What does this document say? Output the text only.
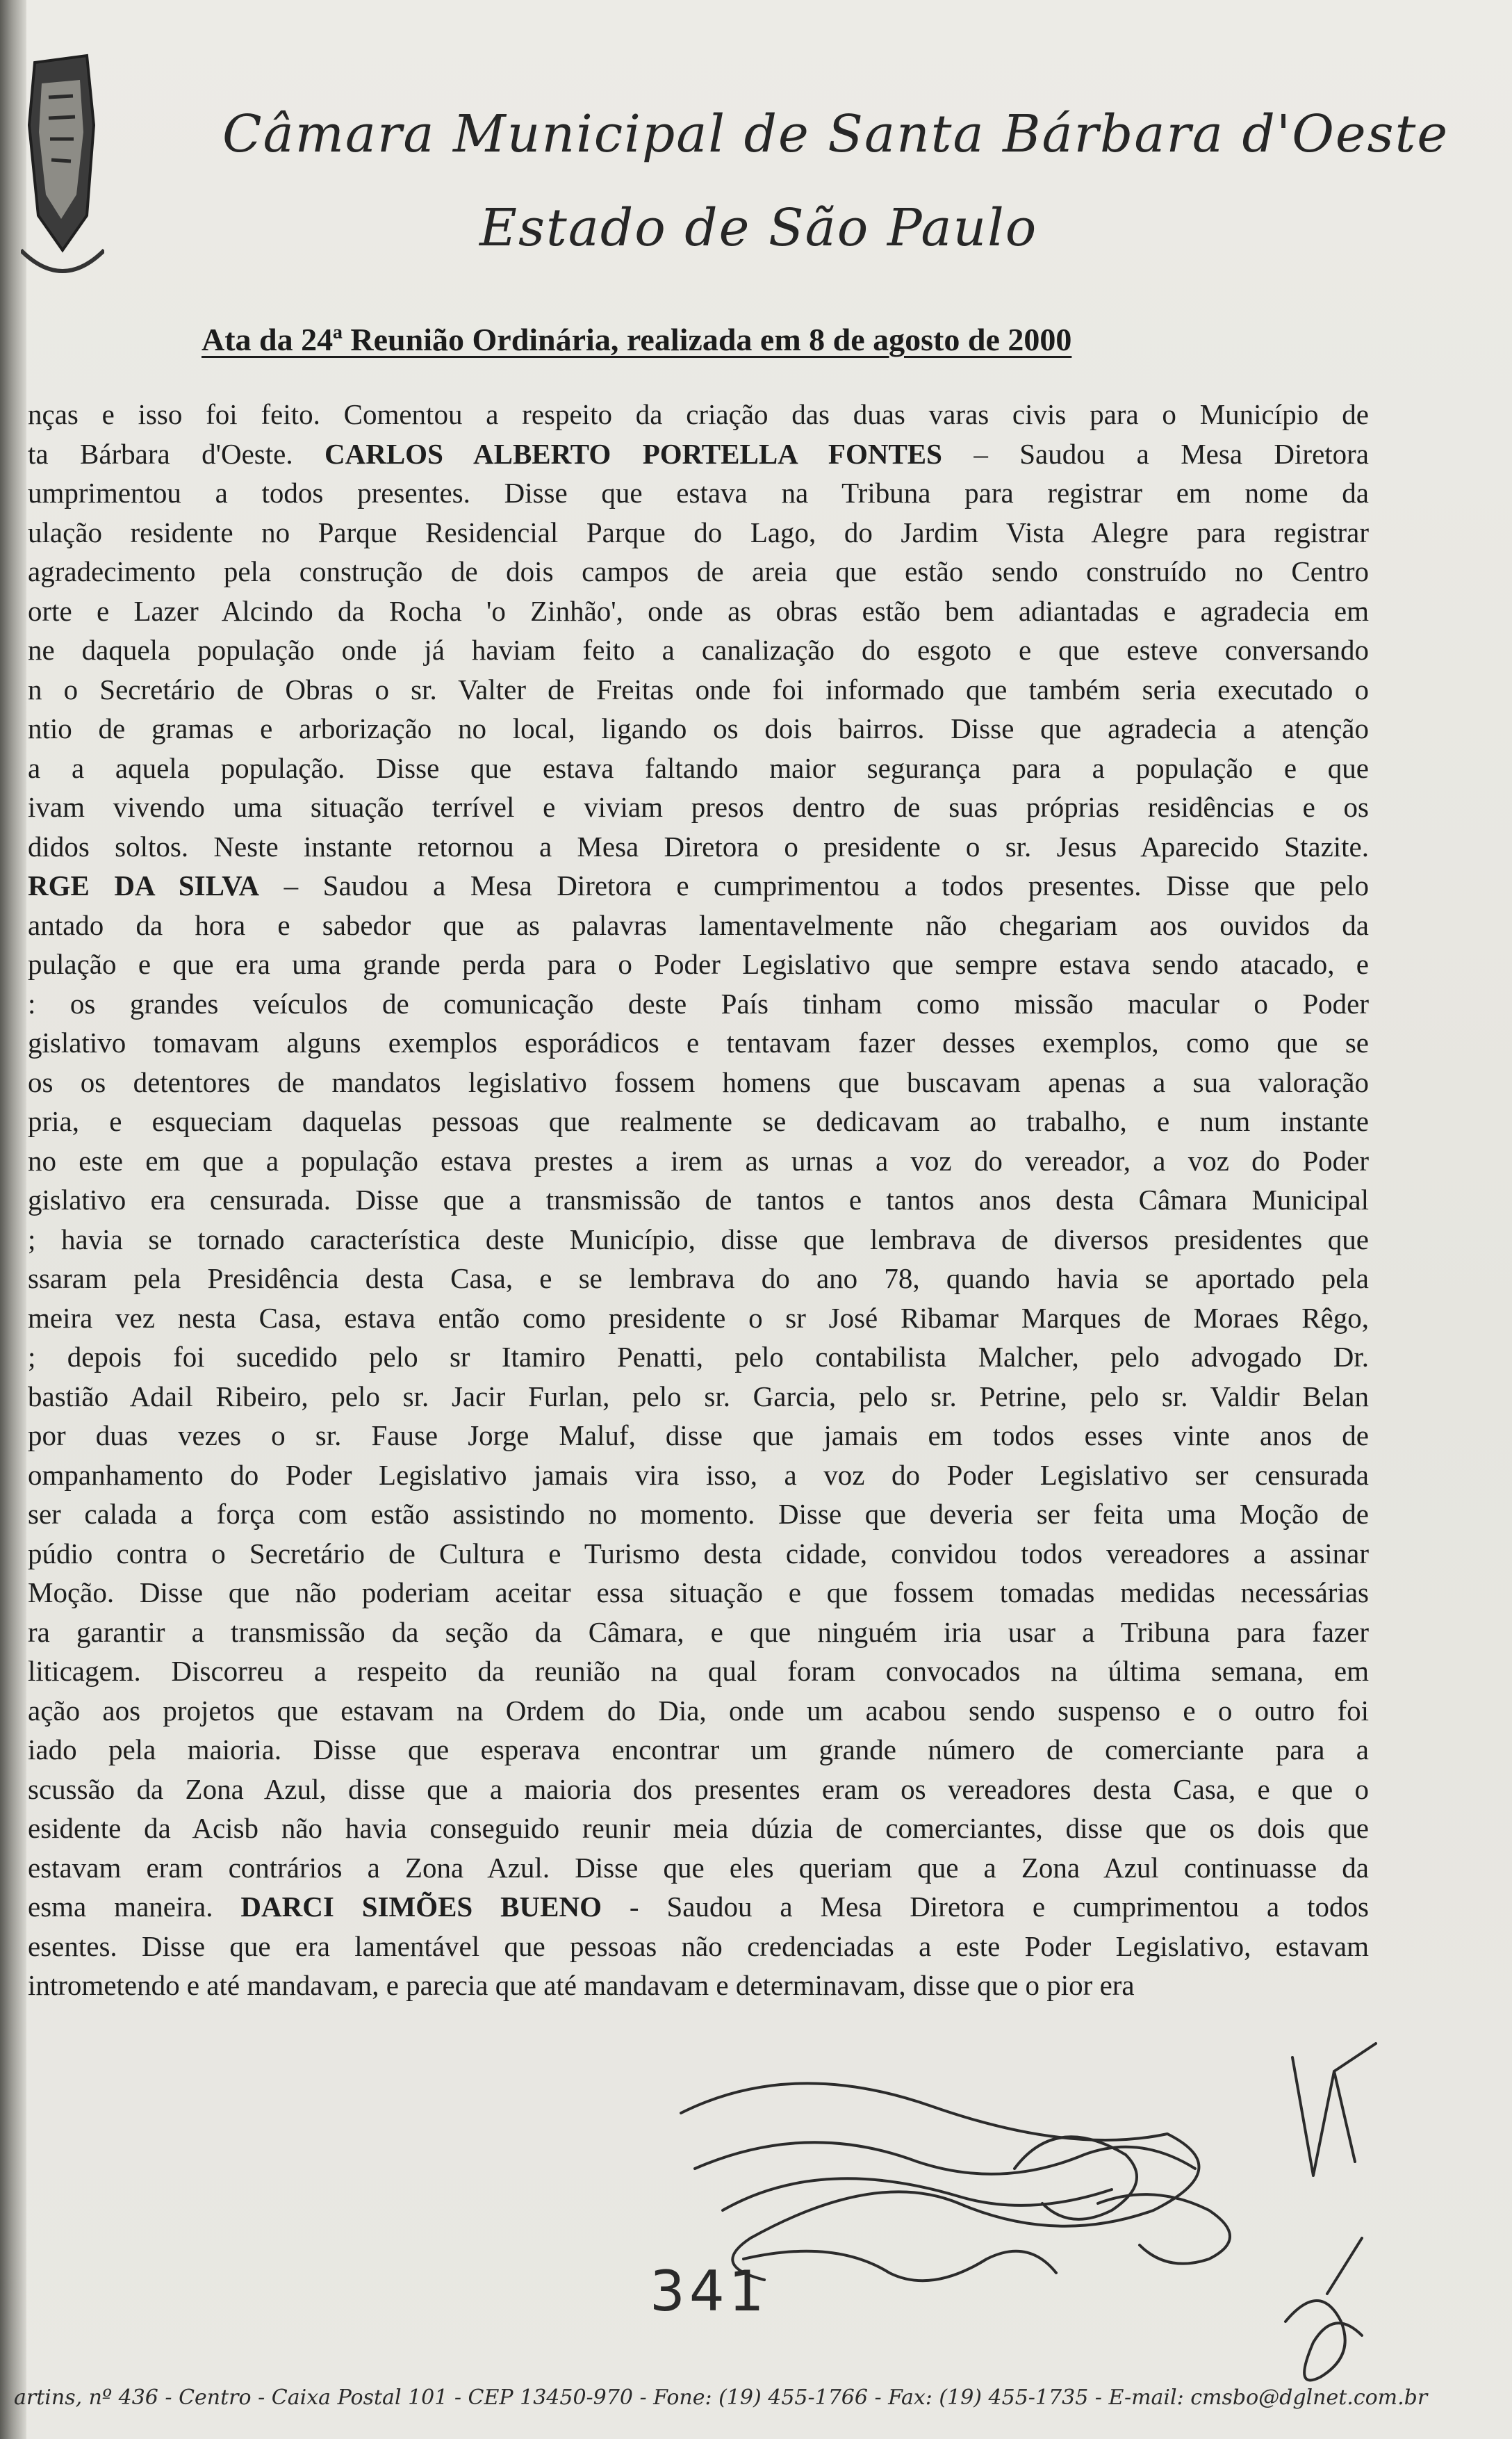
Câmara Municipal de Santa Bárbara d'Oeste
Estado de São Paulo
Ata da 24ª Reunião Ordinária, realizada em 8 de agosto de 2000
nças e isso foi feito. Comentou a respeito da criação das duas varas civis para o Município de
ta Bárbara d'Oeste. CARLOS ALBERTO PORTELLA FONTES – Saudou a Mesa Diretora
umprimentou a todos presentes. Disse que estava na Tribuna para registrar em nome da
ulação residente no Parque Residencial Parque do Lago, do Jardim Vista Alegre para registrar
agradecimento pela construção de dois campos de areia que estão sendo construído no Centro
orte e Lazer Alcindo da Rocha 'o Zinhão', onde as obras estão bem adiantadas e agradecia em
ne daquela população onde já haviam feito a canalização do esgoto e que esteve conversando
n o Secretário de Obras o sr. Valter de Freitas onde foi informado que também seria executado o
ntio de gramas e arborização no local, ligando os dois bairros. Disse que agradecia a atenção
a a aquela população. Disse que estava faltando maior segurança para a população e que
ivam vivendo uma situação terrível e viviam presos dentro de suas próprias residências e os
didos soltos. Neste instante retornou a Mesa Diretora o presidente o sr. Jesus Aparecido Stazite.
RGE DA SILVA – Saudou a Mesa Diretora e cumprimentou a todos presentes. Disse que pelo
antado da hora e sabedor que as palavras lamentavelmente não chegariam aos ouvidos da
pulação e que era uma grande perda para o Poder Legislativo que sempre estava sendo atacado, e
: os grandes veículos de comunicação deste País tinham como missão macular o Poder
gislativo tomavam alguns exemplos esporádicos e tentavam fazer desses exemplos, como que se
os os detentores de mandatos legislativo fossem homens que buscavam apenas a sua valoração
pria, e esqueciam daquelas pessoas que realmente se dedicavam ao trabalho, e num instante
no este em que a população estava prestes a irem as urnas a voz do vereador, a voz do Poder
gislativo era censurada. Disse que a transmissão de tantos e tantos anos desta Câmara Municipal
; havia se tornado característica deste Município, disse que lembrava de diversos presidentes que
ssaram pela Presidência desta Casa, e se lembrava do ano 78, quando havia se aportado pela
meira vez nesta Casa, estava então como presidente o sr José Ribamar Marques de Moraes Rêgo,
; depois foi sucedido pelo sr Itamiro Penatti, pelo contabilista Malcher, pelo advogado Dr.
bastião Adail Ribeiro, pelo sr. Jacir Furlan, pelo sr. Garcia, pelo sr. Petrine, pelo sr. Valdir Belan
por duas vezes o sr. Fause Jorge Maluf, disse que jamais em todos esses vinte anos de
ompanhamento do Poder Legislativo jamais vira isso, a voz do Poder Legislativo ser censurada
ser calada a força com estão assistindo no momento. Disse que deveria ser feita uma Moção de
púdio contra o Secretário de Cultura e Turismo desta cidade, convidou todos vereadores a assinar
Moção. Disse que não poderiam aceitar essa situação e que fossem tomadas medidas necessárias
ra garantir a transmissão da seção da Câmara, e que ninguém iria usar a Tribuna para fazer
liticagem. Discorreu a respeito da reunião na qual foram convocados na última semana, em
ação aos projetos que estavam na Ordem do Dia, onde um acabou sendo suspenso e o outro foi
iado pela maioria. Disse que esperava encontrar um grande número de comerciante para a
scussão da Zona Azul, disse que a maioria dos presentes eram os vereadores desta Casa, e que o
esidente da Acisb não havia conseguido reunir meia dúzia de comerciantes, disse que os dois que
estavam eram contrários a Zona Azul. Disse que eles queriam que a Zona Azul continuasse da
esma maneira. DARCI SIMÕES BUENO - Saudou a Mesa Diretora e cumprimentou a todos
esentes. Disse que era lamentável que pessoas não credenciadas a este Poder Legislativo, estavam
intrometendo e até mandavam, e parecia que até mandavam e determinavam, disse que o pior era
341
artins, nº 436 - Centro - Caixa Postal 101 - CEP 13450-970 - Fone: (19) 455-1766 - Fax: (19) 455-1735 - E-mail: cmsbo@dglnet.com.br
